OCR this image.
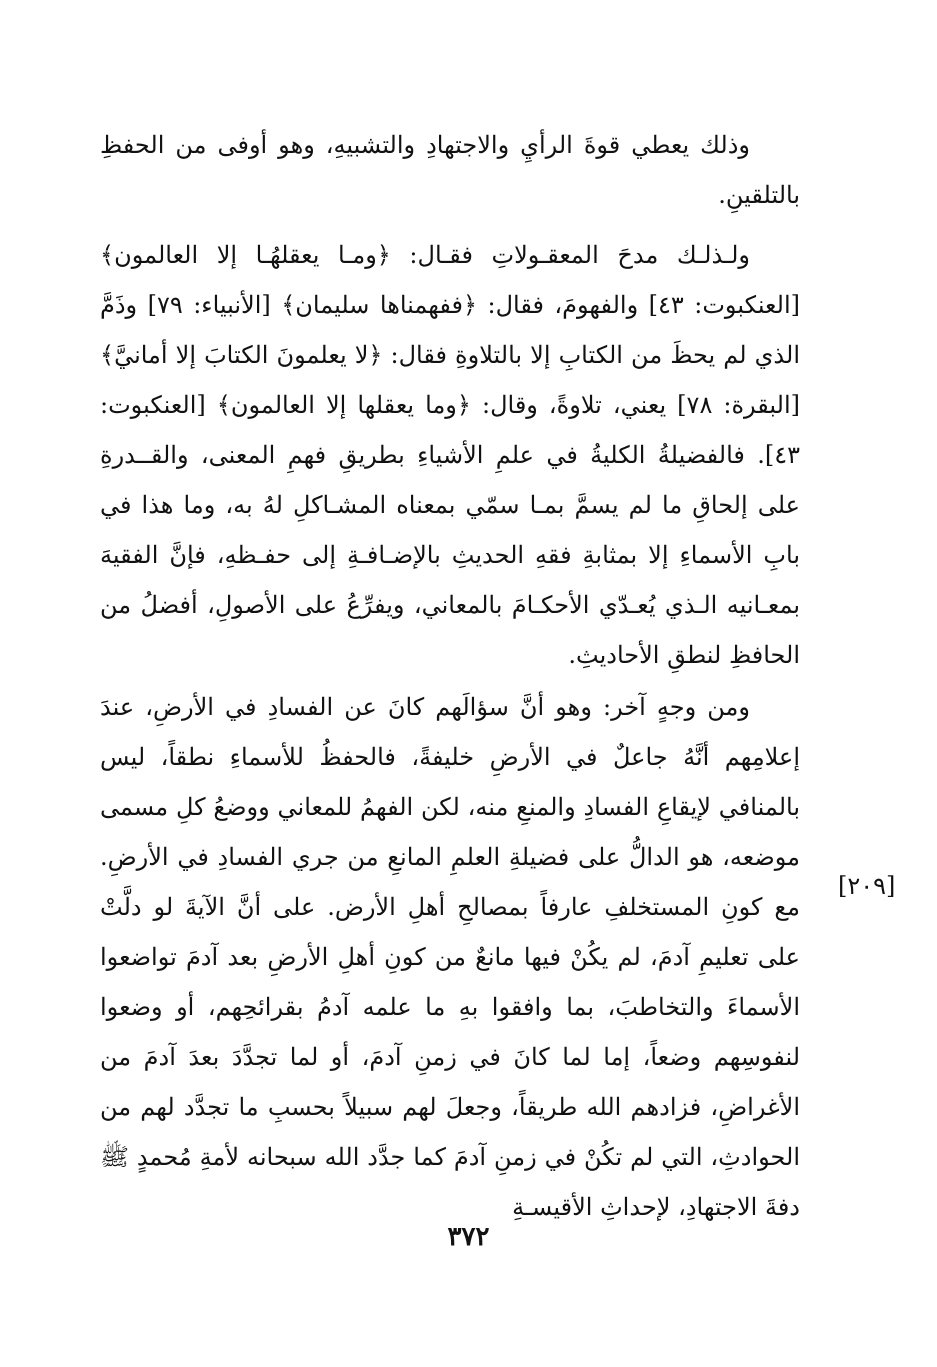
وذلك يعطي قوةَ الرأيِ والاجتهادِ والتشبيهِ، وهو أوفى من الحفظِ بالتلقينِ.

ولـذلـك مدحَ المعقـولاتِ فقـال: ﴿ومـا يعقلهُـا إلا العالمون﴾ [العنكبوت: ٤٣] والفهومَ، فقال: ﴿ففهمناها سليمان﴾ [الأنبياء: ٧٩] وذَمَّ الذي لم يحظَ من الكتابِ إلا بالتلاوةِ فقال: ﴿لا يعلمونَ الكتابَ إلا أمانيَّ﴾ [البقرة: ٧٨] يعني، تلاوةً، وقال: ﴿وما يعقلها إلا العالمون﴾ [العنكبوت: ٤٣]. فالفضيلةُ الكليةُ في علمِ الأشياءِ بطريقِ فهمِ المعنى، والقــدرةِ على إلحاقِ ما لم يسمَّ بمـا سمّي بمعناه المشـاكلِ لهُ به، وما هذا في بابِ الأسماءِ إلا بمثابةِ فقهِ الحديثِ بالإضـافـةِ إلى حفـظهِ، فإنَّ الفقيهَ بمعـانيه الـذي يُعـدّي الأحكـامَ بالمعاني، ويفرِّعُ على الأصولِ، أفضلُ من الحافظِ لنطقِ الأحاديثِ.

ومن وجهٍ آخر: وهو أنَّ سؤالَهم كانَ عن الفسادِ في الأرضِ، عندَ إعلامِهم أنَّهُ جاعلٌ في الأرضِ خليفةً، فالحفظُ للأسماءِ نطقاً، ليس بالمنافي لإيقاعِ الفسادِ والمنعِ منه، لكن الفهمُ للمعاني ووضعُ كلِ مسمى موضعه، هو الدالُّ على فضيلةِ العلمِ المانعِ من جري الفسادِ في الأرضِ. مع كونِ المستخلفِ عارفاً بمصالحِ أهلِ الأرض. على أنَّ الآيةَ لو دلَّتْ على تعليمِ آدمَ، لم يكُنْ فيها مانعٌ من كونِ أهلِ الأرضِ بعد آدمَ تواضعوا الأسماءَ والتخاطبَ، بما وافقوا بهِ ما علمه آدمُ بقرائحِهم، أو وضعوا لنفوسِهم وضعاً، إما لما كانَ في زمنِ آدمَ، أو لما تجدَّدَ بعدَ آدمَ من الأغراضِ، فزادهم الله طريقاً، وجعلَ لهم سبيلاً بحسبِ ما تجدَّد لهم من الحوادثِ، التي لم تكُنْ في زمنِ آدمَ كما جدَّد الله سبحانه لأمةِ مُحمدٍ ﷺ دفةَ الاجتهادِ، لإحداثِ الأقيسـةِ

[٢٠٩]
٣٧٢
